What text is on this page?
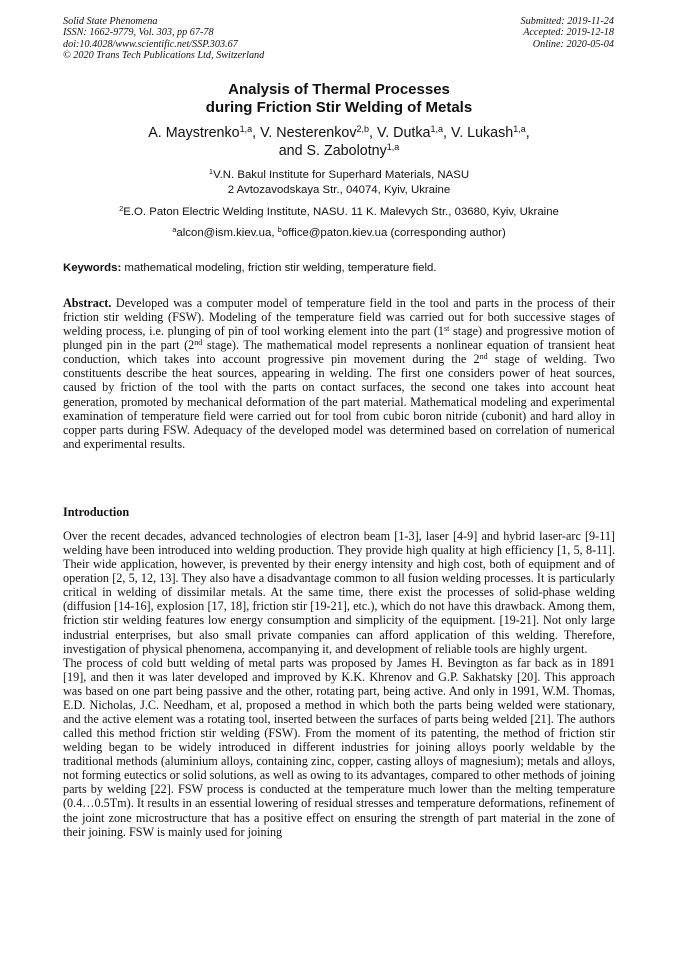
Solid State Phenomena
ISSN: 1662-9779, Vol. 303, pp 67-78
doi:10.4028/www.scientific.net/SSP.303.67
© 2020 Trans Tech Publications Ltd, Switzerland
Submitted: 2019-11-24
Accepted: 2019-12-18
Online: 2020-05-04
Analysis of Thermal Processes
during Friction Stir Welding of Metals
A. Maystrenko$^{1,a}$, V. Nesterenkov$^{2,b}$, V. Dutka$^{1,a}$, V. Lukash$^{1,a}$,
and S. Zabolotny$^{1,a}$
$^1$V.N. Bakul Institute for Superhard Materials, NASU
2 Avtozavodskaya Str., 04074, Kyiv, Ukraine
$^2$E.O. Paton Electric Welding Institute, NASU. 11 K. Malevych Str., 03680, Kyiv, Ukraine
$^a$alcon@ism.kiev.ua, $^b$office@paton.kiev.ua (corresponding author)
Keywords: mathematical modeling, friction stir welding, temperature field.
Abstract. Developed was a computer model of temperature field in the tool and parts in the process of their friction stir welding (FSW). Modeling of the temperature field was carried out for both successive stages of welding process, i.e. plunging of pin of tool working element into the part (1st stage) and progressive motion of plunged pin in the part (2nd stage). The mathematical model represents a nonlinear equation of transient heat conduction, which takes into account progressive pin movement during the 2nd stage of welding. Two constituents describe the heat sources, appearing in welding. The first one considers power of heat sources, caused by friction of the tool with the parts on contact surfaces, the second one takes into account heat generation, promoted by mechanical deformation of the part material. Mathematical modeling and experimental examination of temperature field were carried out for tool from cubic boron nitride (cubonit) and hard alloy in copper parts during FSW. Adequacy of the developed model was determined based on correlation of numerical and experimental results.
Introduction

Over the recent decades, advanced technologies of electron beam [1-3], laser [4-9] and hybrid laser-arc [9-11] welding have been introduced into welding production. They provide high quality at high efficiency [1, 5, 8-11]. Their wide application, however, is prevented by their energy intensity and high cost, both of equipment and of operation [2, 5, 12, 13]. They also have a disadvantage common to all fusion welding processes. It is particularly critical in welding of dissimilar metals. At the same time, there exist the processes of solid-phase welding (diffusion [14-16], explosion [17, 18], friction stir [19-21], etc.), which do not have this drawback. Among them, friction stir welding features low energy consumption and simplicity of the equipment. [19-21]. Not only large industrial enterprises, but also small private companies can afford application of this welding. Therefore, investigation of physical phenomena, accompanying it, and development of reliable tools are highly urgent.

The process of cold butt welding of metal parts was proposed by James H. Bevington as far back as in 1891 [19], and then it was later developed and improved by K.K. Khrenov and G.P. Sakhatsky [20]. This approach was based on one part being passive and the other, rotating part, being active. And only in 1991, W.M. Thomas, E.D. Nicholas, J.C. Needham, et al, proposed a method in which both the parts being welded were stationary, and the active element was a rotating tool, inserted between the surfaces of parts being welded [21]. The authors called this method friction stir welding (FSW). From the moment of its patenting, the method of friction stir welding began to be widely introduced in different industries for joining alloys poorly weldable by the traditional methods (aluminium alloys, containing zinc, copper, casting alloys of magnesium); metals and alloys, not forming eutectics or solid solutions, as well as owing to its advantages, compared to other methods of joining parts by welding [22]. FSW process is conducted at the temperature much lower than the melting temperature (0.4…0.5Tm). It results in an essential lowering of residual stresses and temperature deformations, refinement of the joint zone microstructure that has a positive effect on ensuring the strength of part material in the zone of their joining. FSW is mainly used for joining
